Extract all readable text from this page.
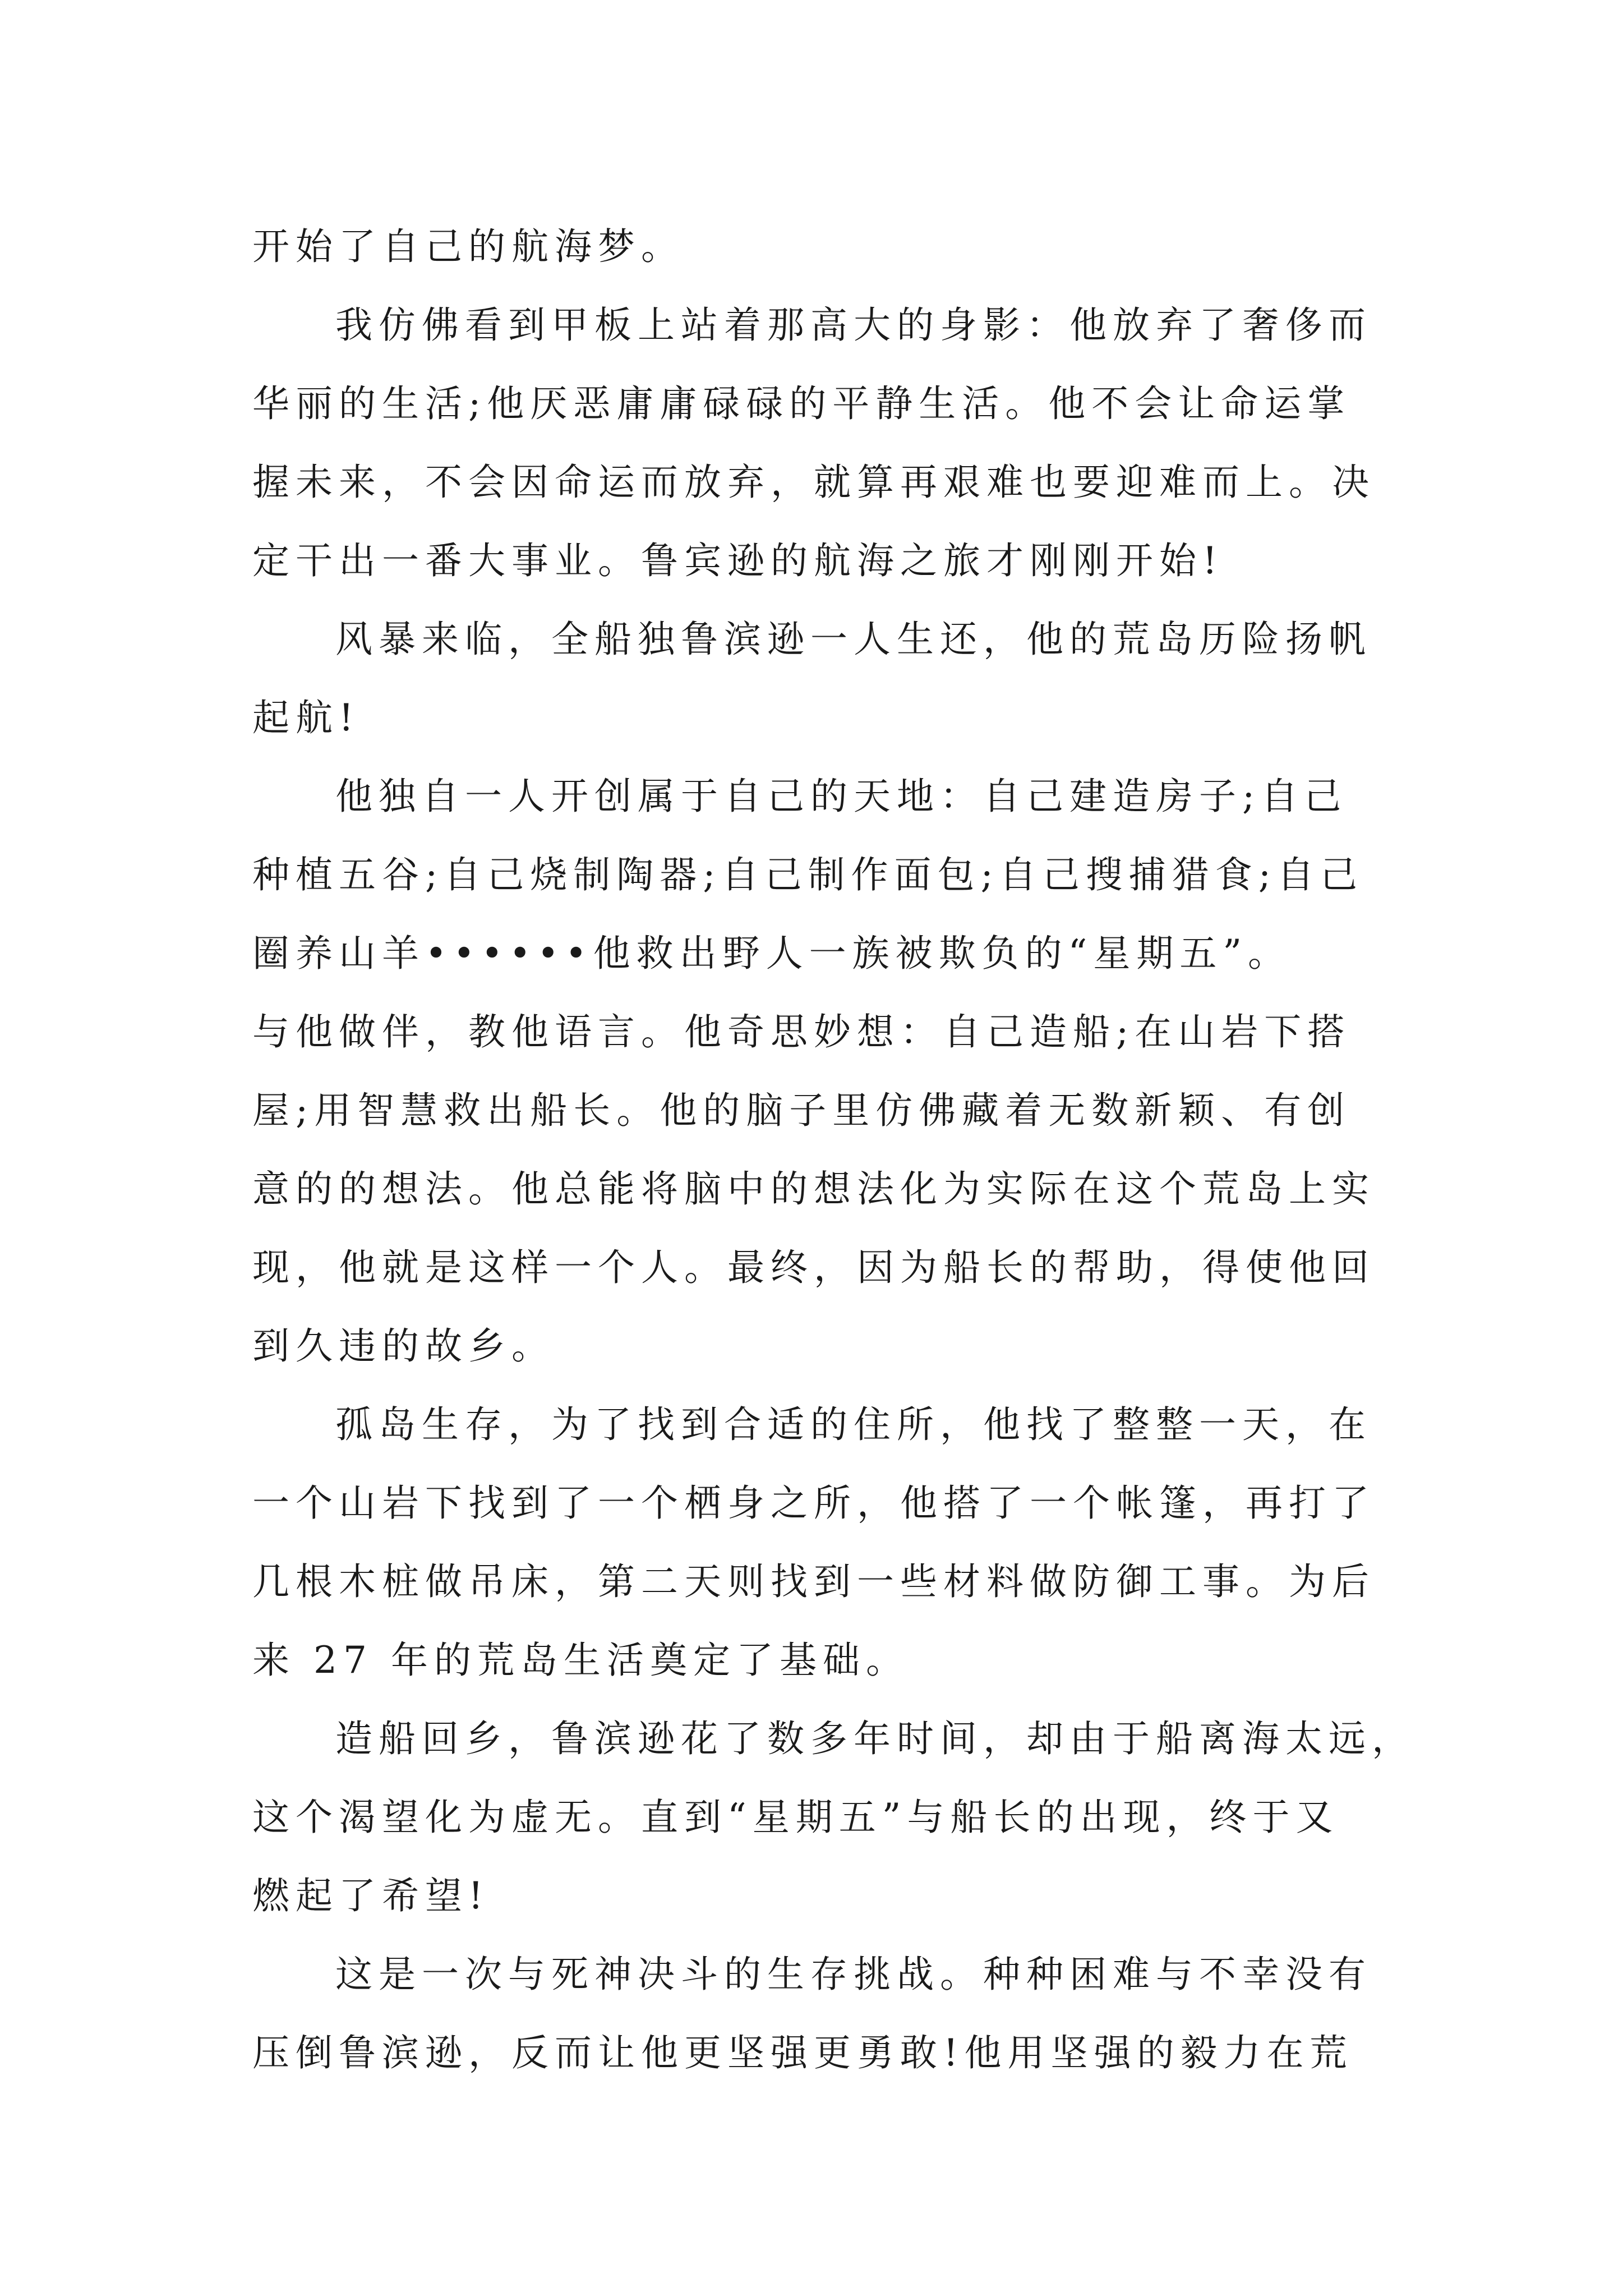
开始了自己的航海梦。
我仿佛看到甲板上站着那高大的身影：他放弃了奢侈而
华丽的生活;他厌恶庸庸碌碌的平静生活。他不会让命运掌
握未来，不会因命运而放弃，就算再艰难也要迎难而上。决
定干出一番大事业。鲁宾逊的航海之旅才刚刚开始!
风暴来临，全船独鲁滨逊一人生还，他的荒岛历险扬帆
起航!
他独自一人开创属于自己的天地：自己建造房子;自己
种植五谷;自己烧制陶器;自己制作面包;自己搜捕猎食;自己
圈养山羊••••••他救出野人一族被欺负的“星期五”。
与他做伴，教他语言。他奇思妙想：自己造船;在山岩下搭
屋;用智慧救出船长。他的脑子里仿佛藏着无数新颖、有创
意的的想法。他总能将脑中的想法化为实际在这个荒岛上实
现，他就是这样一个人。最终，因为船长的帮助，得使他回
到久违的故乡。
孤岛生存，为了找到合适的住所，他找了整整一天，在
一个山岩下找到了一个栖身之所，他搭了一个帐篷，再打了
几根木桩做吊床，第二天则找到一些材料做防御工事。为后
来 27 年的荒岛生活奠定了基础。
造船回乡，鲁滨逊花了数多年时间，却由于船离海太远，
这个渴望化为虚无。直到“星期五”与船长的出现，终于又
燃起了希望!
这是一次与死神决斗的生存挑战。种种困难与不幸没有
压倒鲁滨逊，反而让他更坚强更勇敢!他用坚强的毅力在荒
